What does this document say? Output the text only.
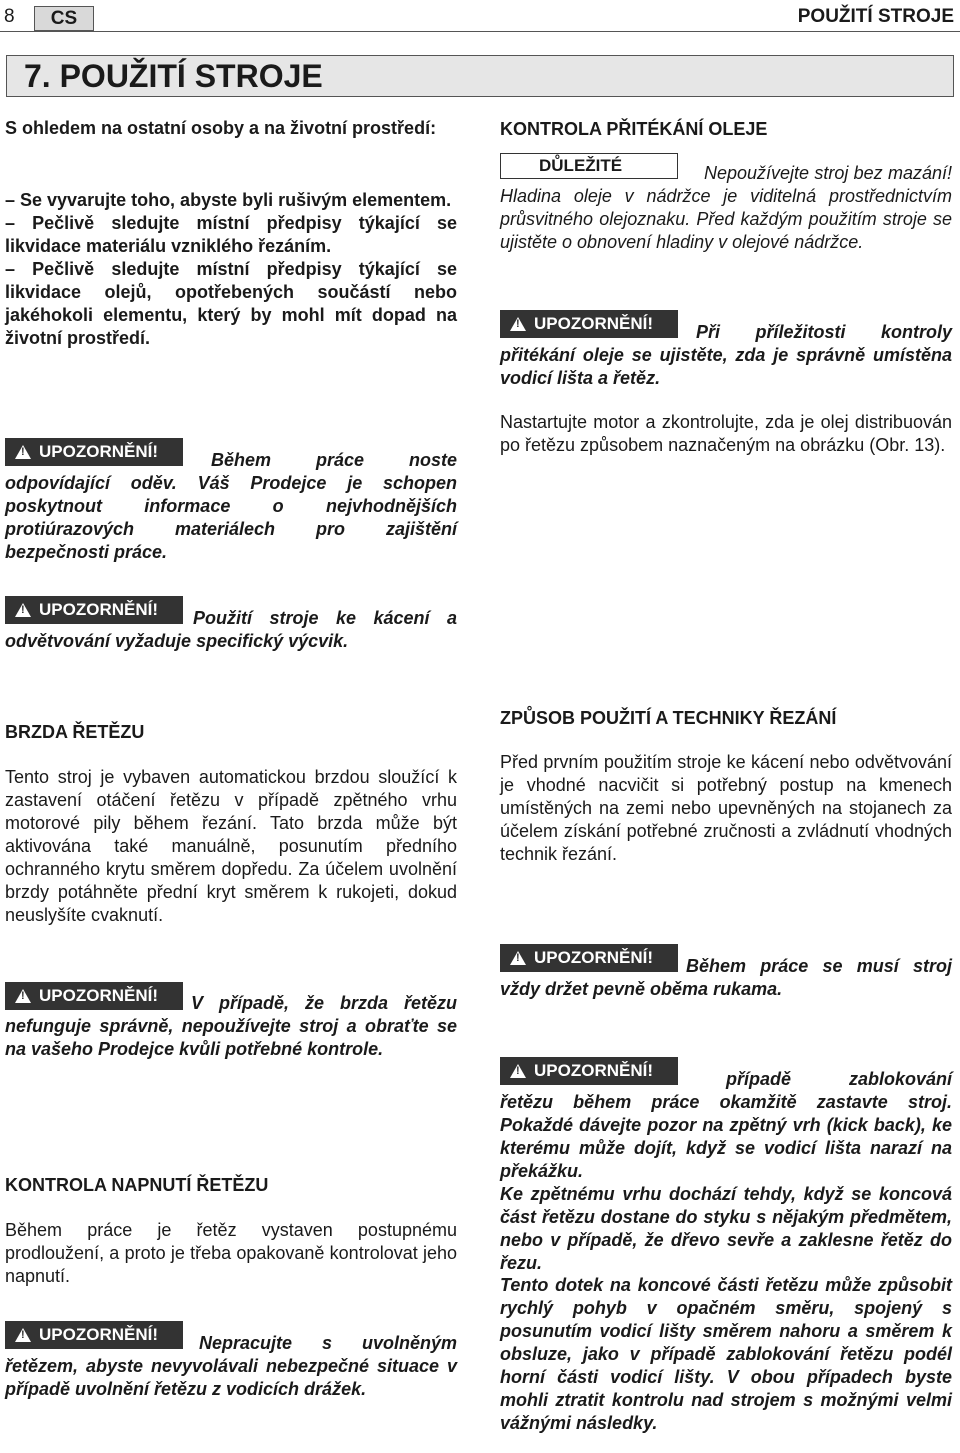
8	CS	POUŽITÍ STROJE
7. POUŽITÍ STROJE

S ohledem na ostatní osoby a na životní prostředí:

– Se vyvarujte toho, abyste byli rušivým elementem.
– Pečlivě sledujte místní předpisy týkající se likvidace materiálu vzniklého řezáním.
– Pečlivě sledujte místní předpisy týkající se likvidace olejů, opotřebených součástí nebo jakéhokoli elementu, který by mohl mít dopad na životní prostředí.
!
UPOZORNĚNÍ!	Během práce noste odpovídající oděv. Váš Prodejce je schopen poskytnout informace o nejvhodnějších protiúrazových materiálech pro zajištění bezpečnosti práce.

!
UPOZORNĚNÍ!	Použití stroje ke kácení a odvětvování vyžaduje specifický výcvik.

BRZDA ŘETĚZU

Tento stroj je vybaven automatickou brzdou sloužící k zastavení otáčení řetězu v případě zpětného vrhu motorové pily během řezání. Tato brzda může být aktivována také manuálně, posunutím předního ochranného krytu směrem dopředu. Za účelem uvolnění brzdy potáhněte přední kryt směrem k rukojeti, dokud neuslyšíte cvaknutí.

!
UPOZORNĚNÍ!	V případě, že brzda řetězu nefunguje správně, nepoužívejte stroj a obraťte se na vašeho Prodejce kvůli potřebné kontrole.

KONTROLA NAPNUTÍ ŘETĚZU

Během práce je řetěz vystaven postupnému prodloužení, a proto je třeba opakovaně kontrolovat jeho napnutí.

!
UPOZORNĚNÍ!	Nepracujte s uvolněným řetězem, abyste nevyvolávali nebezpečné situace v případě uvolnění řetězu z vodicích drážek.

KONTROLA PŘITÉKÁNÍ OLEJE
DŮLEŽITÉ	Nepoužívejte stroj bez mazání! Hladina oleje v nádržce je viditelná prostřednictvím průsvitného olejoznaku. Před každým použitím stroje se ujistěte o obnovení hladiny v olejové nádržce.

!
UPOZORNĚNÍ!	Při příležitosti kontroly přitékání oleje se ujistěte, zda je správně umístěna vodicí lišta a řetěz.

Nastartujte motor a zkontrolujte, zda je olej distribuován po řetězu způsobem naznačeným na obrázku (Obr. 13).

ZPŮSOB POUŽITÍ A TECHNIKY ŘEZÁNÍ

Před prvním použitím stroje ke kácení nebo odvětvování je vhodné nacvičit si potřebný postup na kmenech umístěných na zemi nebo upevněných na stojanech za účelem získání potřebné zručnosti a zvládnutí vhodných technik řezání.

!
UPOZORNĚNÍ!	Během práce se musí stroj vždy držet pevně oběma rukama.

!
UPOZORNĚNÍ!	případě zablokování řetězu během práce okamžitě zastavte stroj. Pokaždé dávejte pozor na zpětný vrh (kick back), ke kterému může dojít, když se vodicí lišta narazí na překážku.

Ke zpětnému vrhu dochází tehdy, když se koncová část řetězu dostane do styku s nějakým předmětem, nebo v případě, že dřevo sevře a zaklesne řetěz do řezu.

Tento dotek na koncové části řetězu může způsobit rychlý pohyb v opačném směru, spojený s posunutím vodicí lišty směrem nahoru a směrem k obsluze, jako v případě zablokování řetězu podél horní části vodicí lišty. V obou případech byste mohli ztratit kontrolu nad strojem s možnými velmi vážnými následky.
